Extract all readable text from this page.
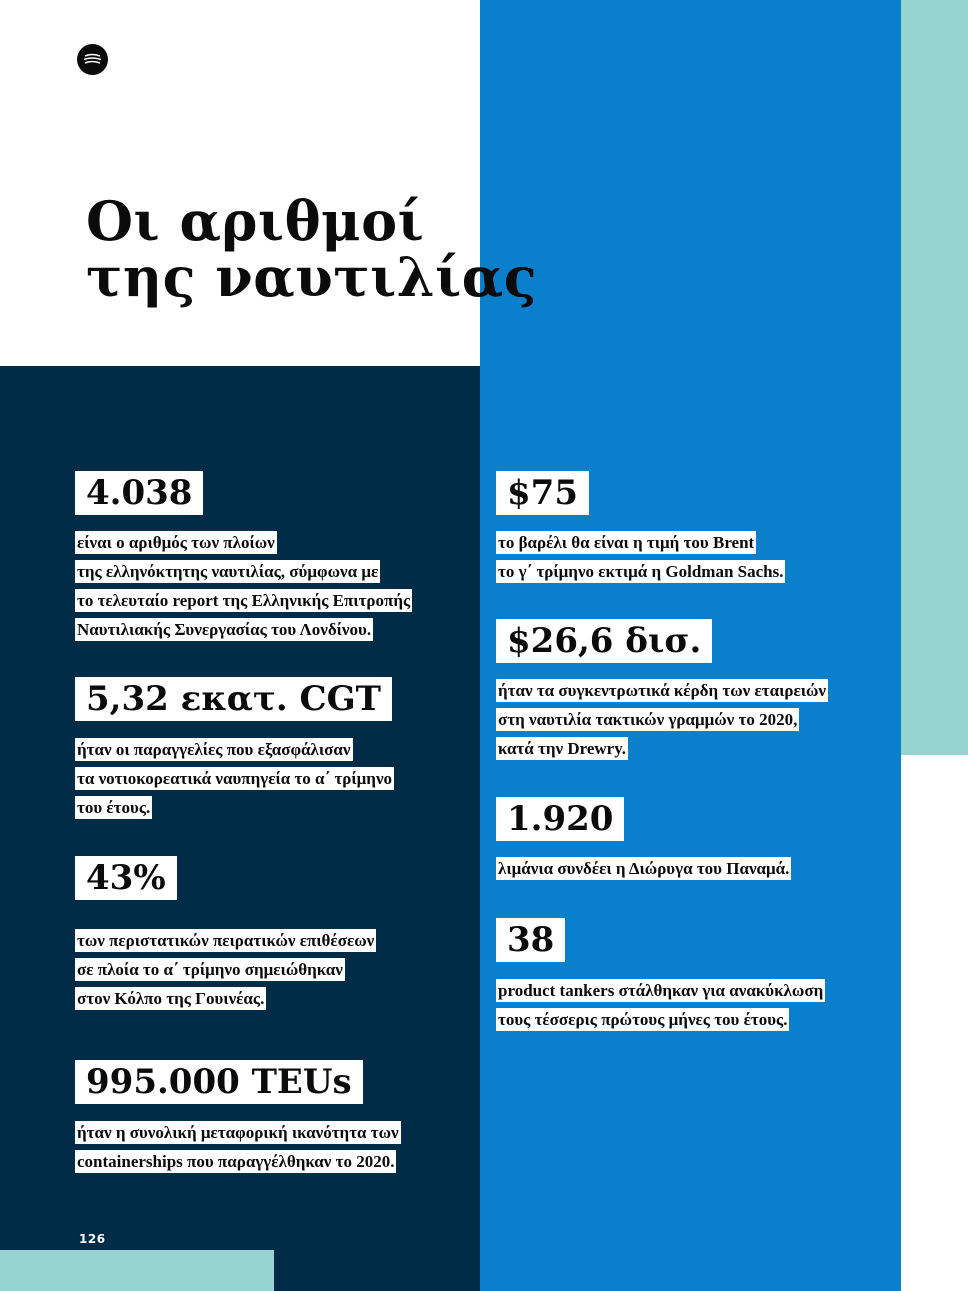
Οι αριθμοί
της ναυτιλίας
4.038
είναι ο αριθμός των πλοίων
της ελληνόκτητης ναυτιλίας, σύμφωνα με
το τελευταίο report της Ελληνικής Επιτροπής
Ναυτιλιακής Συνεργασίας του Λονδίνου.
5,32 εκατ. CGT
ήταν οι παραγγελίες που εξασφάλισαν
τα νοτιοκορεατικά ναυπηγεία το α΄ τρίμηνο
του έτους.
43%
των περιστατικών πειρατικών επιθέσεων
σε πλοία το α΄ τρίμηνο σημειώθηκαν
στον Κόλπο της Γουινέας.
995.000 TEUs
ήταν η συνολική μεταφορική ικανότητα των
containerships που παραγγέλθηκαν το 2020.
$75
το βαρέλι θα είναι η τιμή του Brent
το γ΄ τρίμηνο εκτιμά η Goldman Sachs.
$26,6 δισ.
ήταν τα συγκεντρωτικά κέρδη των εταιρειών
στη ναυτιλία τακτικών γραμμών το 2020,
κατά την Drewry.
1.920
λιμάνια συνδέει η Διώρυγα του Παναμά.
38
product tankers στάλθηκαν για ανακύκλωση
τους τέσσερις πρώτους μήνες του έτους.
126
